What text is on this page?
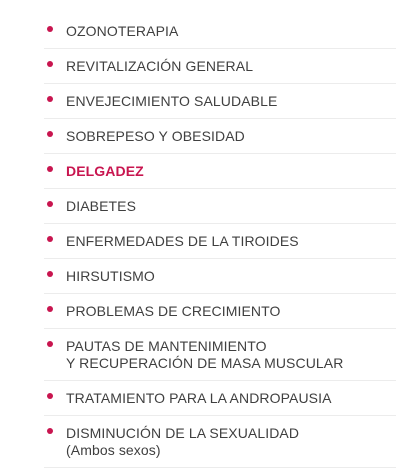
OZONOTERAPIA
REVITALIZACIÓN GENERAL
ENVEJECIMIENTO SALUDABLE
SOBREPESO Y OBESIDAD
DELGADEZ
DIABETES
ENFERMEDADES DE LA TIROIDES
HIRSUTISMO
PROBLEMAS DE CRECIMIENTO
PAUTAS DE MANTENIMIENTO
Y RECUPERACIÓN DE MASA MUSCULAR
TRATAMIENTO PARA LA ANDROPAUSIA
DISMINUCIÓN DE LA SEXUALIDAD
(Ambos sexos)
